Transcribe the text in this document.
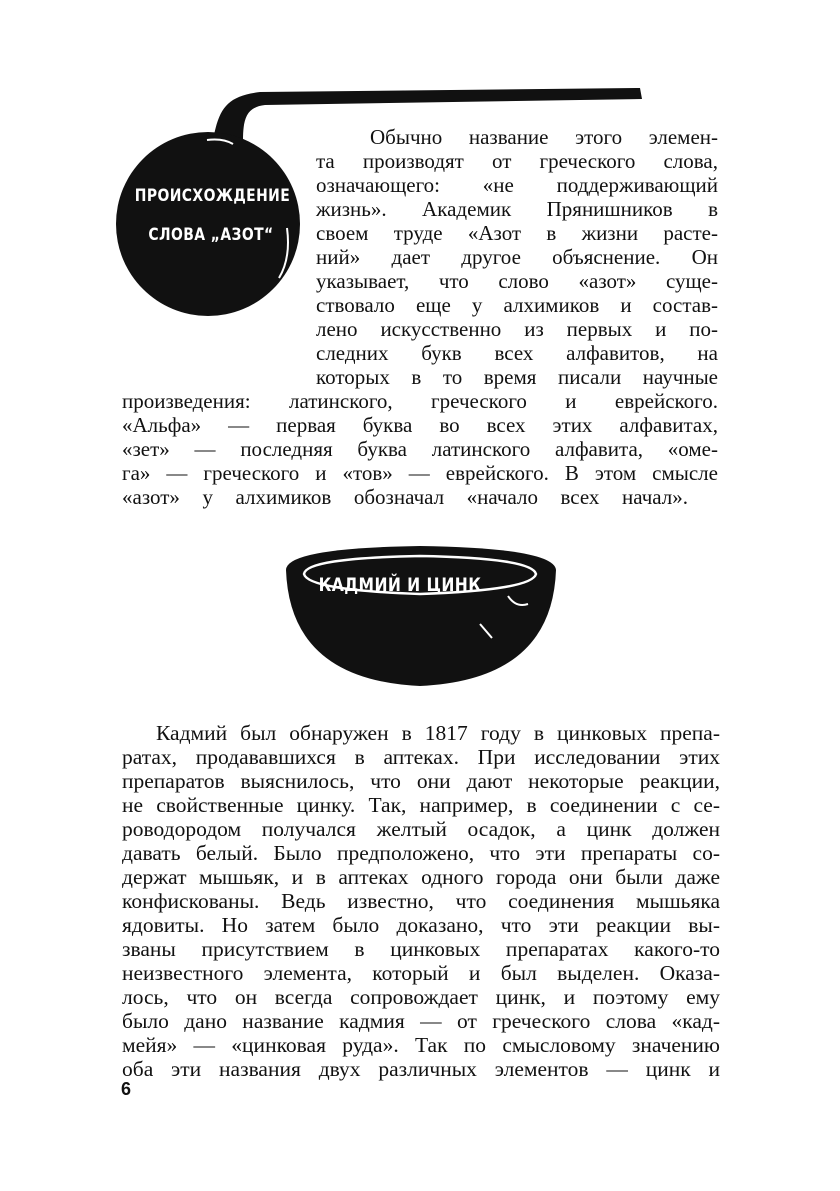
ПРОИСХОЖДЕНИЕ
СЛОВА „АЗОТ“
Обычно название этого элемен-
та производят от греческого слова,
означающего: «не поддерживающий
жизнь». Академик Прянишников в
своем труде «Азот в жизни расте-
ний» дает другое объяснение. Он
указывает, что слово «азот» суще-
ствовало еще у алхимиков и состав-
лено искусственно из первых и по-
следних букв всех алфавитов, на
которых в то время писали научные
произведения: латинского, греческого и еврейского.
«Альфа» — первая буква во всех этих алфавитах,
«зет» — последняя буква латинского алфавита, «оме-
га» — греческого и «тов» — еврейского. В этом смысле
«азот» у алхимиков обозначал «начало всех начал».
КАДМИЙ И ЦИНК
Кадмий был обнаружен в 1817 году в цинковых препа-
ратах, продававшихся в аптеках. При исследовании этих
препаратов выяснилось, что они дают некоторые реакции,
не свойственные цинку. Так, например, в соединении с се-
роводородом получался желтый осадок, а цинк должен
давать белый. Было предположено, что эти препараты со-
держат мышьяк, и в аптеках одного города они были даже
конфискованы. Ведь известно, что соединения мышьяка
ядовиты. Но затем было доказано, что эти реакции вы-
званы присутствием в цинковых препаратах какого-то
неизвестного элемента, который и был выделен. Оказа-
лось, что он всегда сопровождает цинк, и поэтому ему
было дано название кадмия — от греческого слова «кад-
мейя» — «цинковая руда». Так по смысловому значению
оба эти названия двух различных элементов — цинк и
6
